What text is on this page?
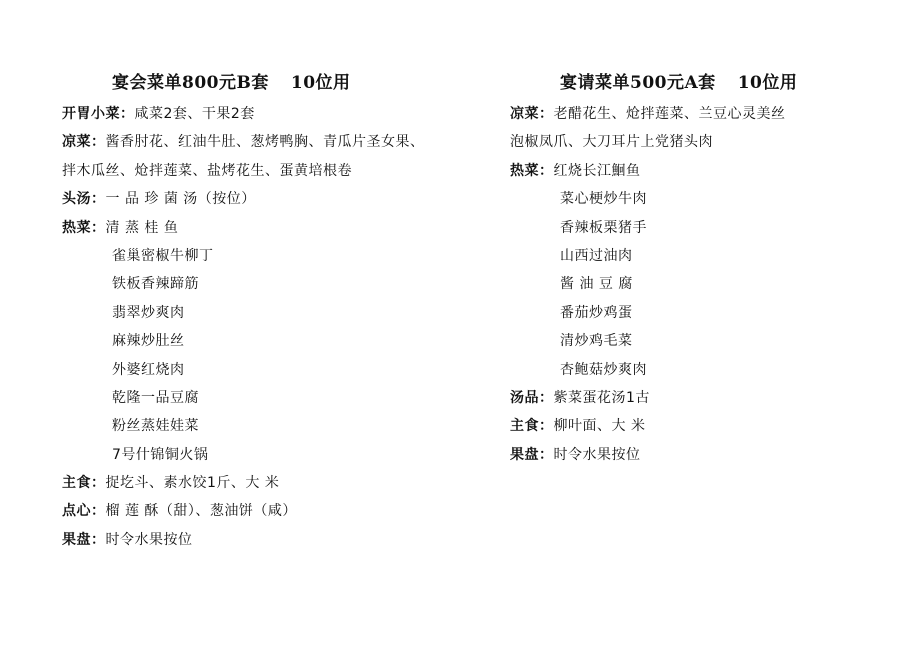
宴会菜单800元B套 10位用
开胃小菜：咸菜2套、干果2套
凉菜：酱香肘花、红油牛肚、葱烤鸭胸、青瓜片圣女果、
拌木瓜丝、炝拌莲菜、盐烤花生、蛋黄培根卷
头汤：一 品 珍 菌 汤（按位）
热菜：清 蒸 桂 鱼
雀巢密椒牛柳丁
铁板香辣蹄筋
翡翠炒爽肉
麻辣炒肚丝
外婆红烧肉
乾隆一品豆腐
粉丝蒸娃娃菜
7号什锦铜火锅
主食：捉圪斗、素水饺1斤、大 米
点心：榴 莲 酥（甜）、葱油饼（咸）
果盘：时令水果按位
宴请菜单500元A套 10位用
凉菜：老醋花生、炝拌莲菜、兰豆心灵美丝
泡椒凤爪、大刀耳片上党猪头肉
热菜：红烧长江鮰鱼
菜心梗炒牛肉
香辣板栗猪手
山西过油肉
酱 油 豆 腐
番茄炒鸡蛋
清炒鸡毛菜
杏鲍菇炒爽肉
汤品：紫菜蛋花汤1古
主食：柳叶面、大 米
果盘：时令水果按位
